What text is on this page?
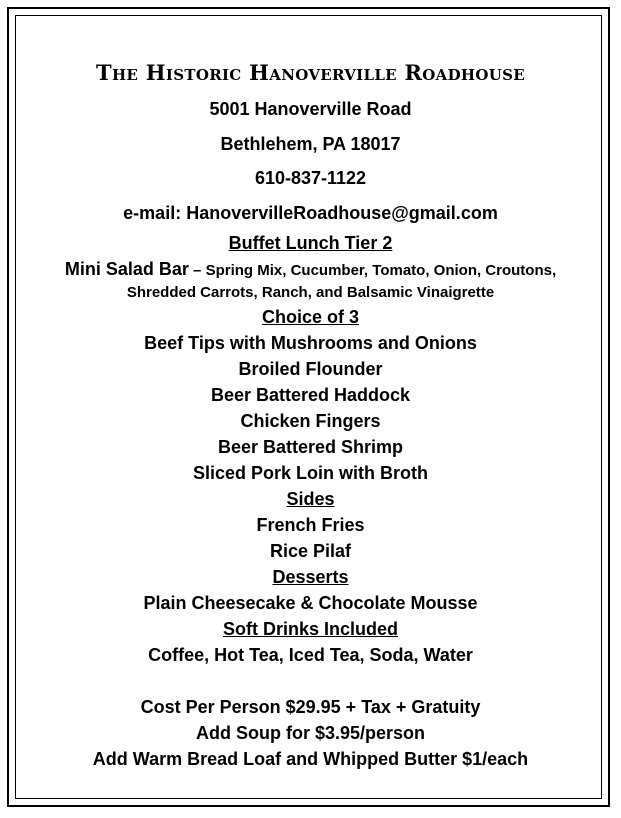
The Historic Hanoverville Roadhouse
5001 Hanoverville Road
Bethlehem, PA 18017
610-837-1122
e-mail: HanovervilleRoadhouse@gmail.com
Buffet Lunch Tier 2
Mini Salad Bar – Spring Mix, Cucumber, Tomato, Onion, Croutons,
Shredded Carrots, Ranch, and Balsamic Vinaigrette
Choice of 3
Beef Tips with Mushrooms and Onions
Broiled Flounder
Beer Battered Haddock
Chicken Fingers
Beer Battered Shrimp
Sliced Pork Loin with Broth
Sides
French Fries
Rice Pilaf
Desserts
Plain Cheesecake & Chocolate Mousse
Soft Drinks Included
Coffee, Hot Tea, Iced Tea, Soda, Water
Cost Per Person $29.95 + Tax + Gratuity
Add Soup for $3.95/person
Add Warm Bread Loaf and Whipped Butter $1/each
